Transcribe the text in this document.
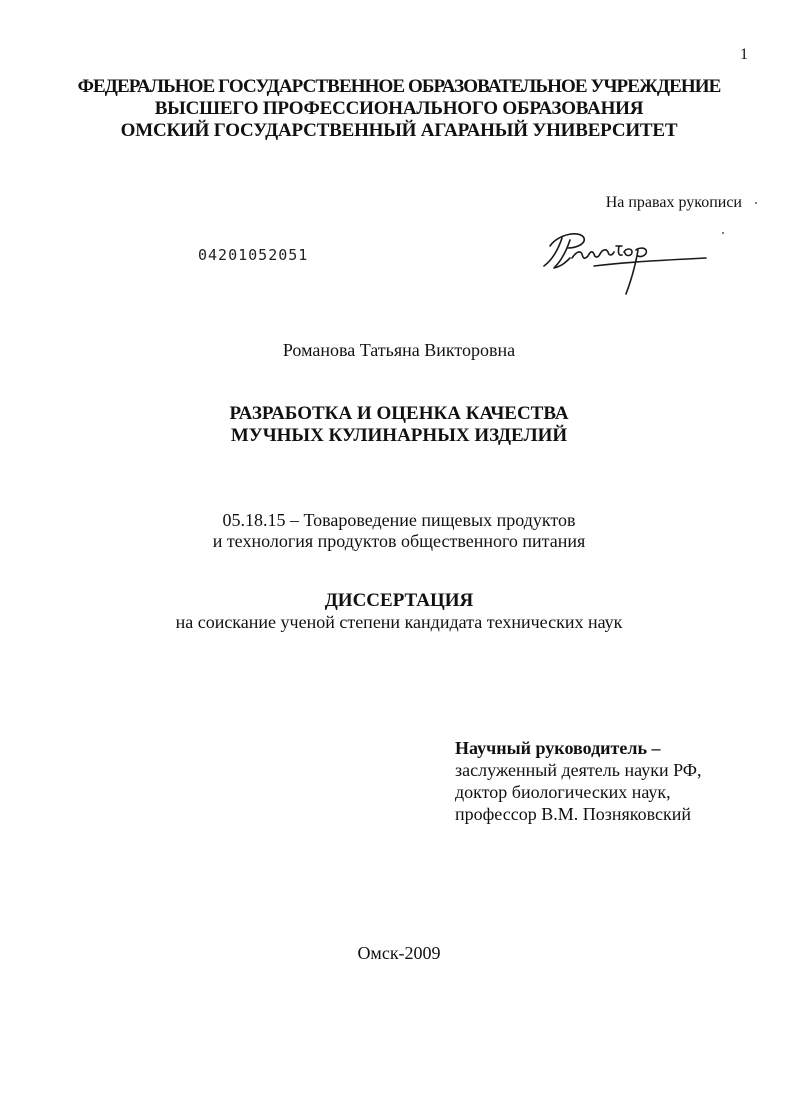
1
ФЕДЕРАЛЬНОЕ ГОСУДАРСТВЕННОЕ ОБРАЗОВАТЕЛЬНОЕ УЧРЕЖДЕНИЕ
ВЫСШЕГО ПРОФЕССИОНАЛЬНОГО ОБРАЗОВАНИЯ
ОМСКИЙ ГОСУДАРСТВЕННЫЙ АГАРАНЫЙ УНИВЕРСИТЕТ
На правах рукописи
04201052051
Романова Татьяна Викторовна
РАЗРАБОТКА И ОЦЕНКА КАЧЕСТВА
МУЧНЫХ КУЛИНАРНЫХ ИЗДЕЛИЙ
05.18.15 – Товароведение пищевых продуктов
и технология продуктов общественного питания
ДИССЕРТАЦИЯ
на соискание ученой степени кандидата технических наук
Научный руководитель –
заслуженный деятель науки РФ,
доктор биологических наук,
профессор В.М. Позняковский
Омск-2009
